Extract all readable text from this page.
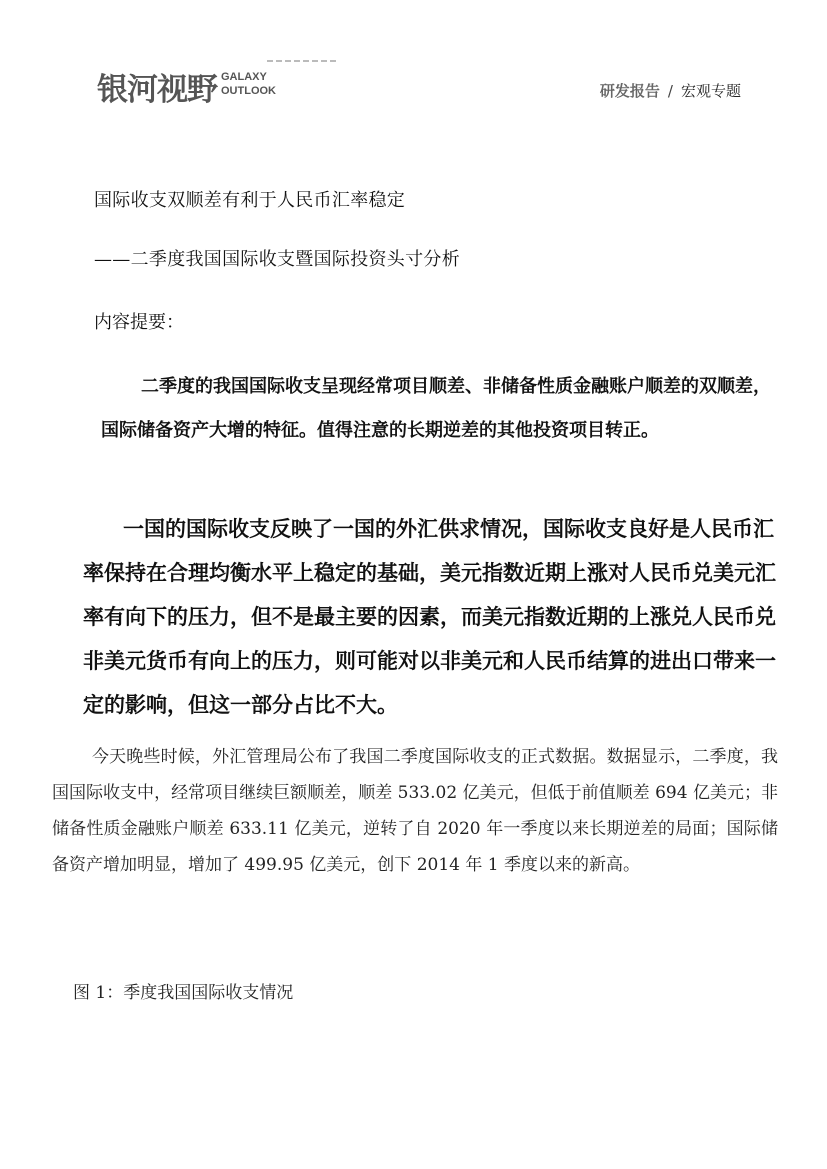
银河视野 GALAXY
OUTLOOK	研发报告 / 宏观专题
国际收支双顺差有利于人民币汇率稳定
——二季度我国国际收支暨国际投资头寸分析
内容提要：

二季度的我国国际收支呈现经常项目顺差、非储备性质金融账户顺差的双顺差，国际储备资产大增的特征。值得注意的长期逆差的其他投资项目转正。

一国的国际收支反映了一国的外汇供求情况，国际收支良好是人民币汇率保持在合理均衡水平上稳定的基础，美元指数近期上涨对人民币兑美元汇率有向下的压力，但不是最主要的因素，而美元指数近期的上涨兑人民币兑非美元货币有向上的压力，则可能对以非美元和人民币结算的进出口带来一定的影响，但这一部分占比不大。

今天晚些时候，外汇管理局公布了我国二季度国际收支的正式数据。数据显示，二季度，我国国际收支中，经常项目继续巨额顺差，顺差 533.02 亿美元，但低于前值顺差 694 亿美元；非储备性质金融账户顺差 633.11 亿美元，逆转了自 2020 年一季度以来长期逆差的局面；国际储备资产增加明显，增加了 499.95 亿美元，创下 2014 年 1 季度以来的新高。

图 1：季度我国国际收支情况
